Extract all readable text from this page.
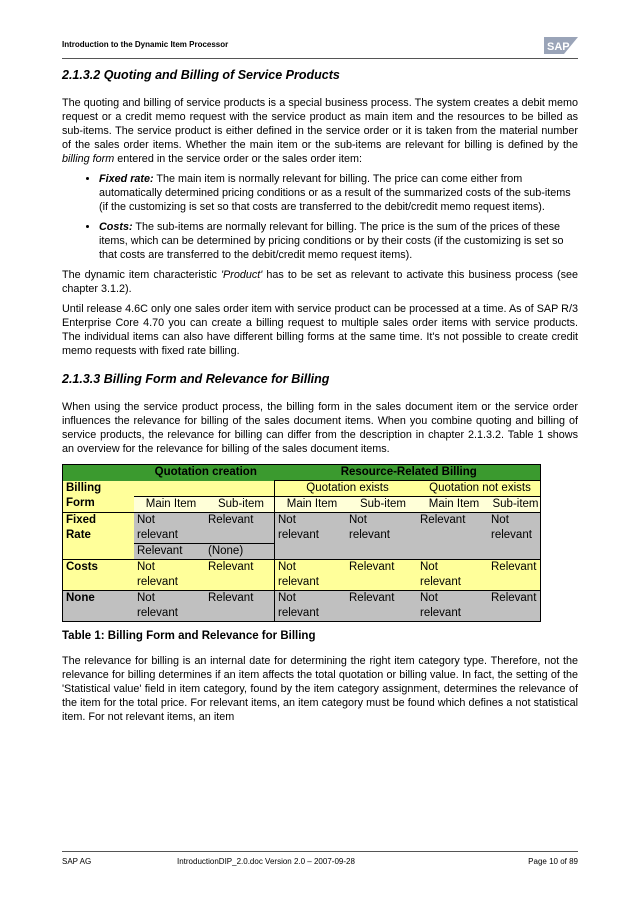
Introduction to the Dynamic Item Processor	SAP
2.1.3.2 Quoting and Billing of Service Products

The quoting and billing of service products is a special business process. The system creates a debit memo request or a credit memo request with the service product as main item and the resources to be billed as sub-items. The service product is either defined in the service order or it is taken from the material number of the sales order items. Whether the main item or the sub-items are relevant for billing is defined by the billing form entered in the service order or the sales order item:

• Fixed rate: The main item is normally relevant for billing. The price can come either from automatically determined pricing conditions or as a result of the summarized costs of the sub-items (if the customizing is set so that costs are transferred to the debit/credit memo request items).
• Costs: The sub-items are normally relevant for billing. The price is the sum of the prices of these items, which can be determined by pricing conditions or by their costs (if the customizing is set so that costs are transferred to the debit/credit memo request items).

The dynamic item characteristic 'Product' has to be set as relevant to activate this business process (see chapter 3.1.2).

Until release 4.6C only one sales order item with service product can be processed at a time. As of SAP R/3 Enterprise Core 4.70 you can create a billing request to multiple sales order items with service products. The individual items can also have different billing forms at the same time. It's not possible to create credit memo requests with fixed rate billing.

2.1.3.3 Billing Form and Relevance for Billing

When using the service product process, the billing form in the sales document item or the service order influences the relevance for billing of the sales document items. When you combine quoting and billing of service products, the relevance for billing can differ from the description in chapter 2.1.3.2. Table 1 shows an overview for the relevance for billing of the sales document items.

	Quotation creation		Resource-Related Billing			
Billing
Form			Quotation exists		Quotation not exists	
	Main Item	Sub-item	Main Item	Sub-item	Main Item	Sub-item
Fixed
Rate	Not
relevant	Relevant	Not
relevant	Not
relevant	Relevant	Not
relevant
	Relevant	(None)				
Costs	Not
relevant	Relevant	Not
relevant	Relevant	Not
relevant	Relevant
None	Not
relevant	Relevant	Not
relevant	Relevant	Not
relevant	Relevant
Table 1: Billing Form and Relevance for Billing

The relevance for billing is an internal date for determining the right item category type. Therefore, not the relevance for billing determines if an item affects the total quotation or billing value. In fact, the setting of the 'Statistical value' field in item category, found by the item category assignment, determines the relevance of the item for the total price. For relevant items, an item category must be found which defines a not statistical item. For not relevant items, an item

SAP AG	IntroductionDIP_2.0.doc Version 2.0 – 2007-09-28	Page 10 of 89
